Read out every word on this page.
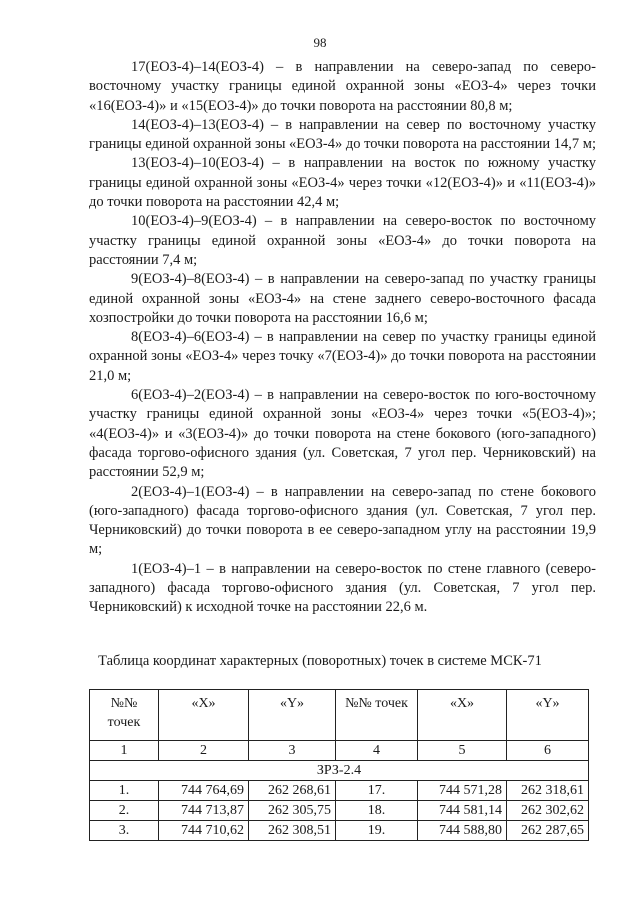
98

17(ЕОЗ-4)–14(ЕОЗ-4) – в направлении на северо-запад по северо-восточному участку границы единой охранной зоны «ЕОЗ-4» через точки «16(ЕОЗ-4)» и «15(ЕОЗ-4)» до точки поворота на расстоянии 80,8 м;

14(ЕОЗ-4)–13(ЕОЗ-4) – в направлении на север по восточному участку границы единой охранной зоны «ЕОЗ-4» до точки поворота на расстоянии 14,7 м;

13(ЕОЗ-4)–10(ЕОЗ-4) – в направлении на восток по южному участку границы единой охранной зоны «ЕОЗ-4» через точки «12(ЕОЗ-4)» и «11(ЕОЗ-4)» до точки поворота на расстоянии 42,4 м;

10(ЕОЗ-4)–9(ЕОЗ-4) – в направлении на северо-восток по восточному участку границы единой охранной зоны «ЕОЗ-4» до точки поворота на расстоянии 7,4 м;

9(ЕОЗ-4)–8(ЕОЗ-4) – в направлении на северо-запад по участку границы единой охранной зоны «ЕОЗ-4» на стене заднего северо-восточного фасада хозпостройки до точки поворота на расстоянии 16,6 м;

8(ЕОЗ-4)–6(ЕОЗ-4) – в направлении на север по участку границы единой охранной зоны «ЕОЗ-4» через точку «7(ЕОЗ-4)» до точки поворота на расстоянии 21,0 м;

6(ЕОЗ-4)–2(ЕОЗ-4) – в направлении на северо-восток по юго-восточному участку границы единой охранной зоны «ЕОЗ-4» через точки «5(ЕОЗ-4)»; «4(ЕОЗ-4)» и «3(ЕОЗ-4)» до точки поворота на стене бокового (юго-западного) фасада торгово-офисного здания (ул. Советская, 7 угол пер. Черниковский) на расстоянии 52,9 м;

2(ЕОЗ-4)–1(ЕОЗ-4) – в направлении на северо-запад по стене бокового (юго-западного) фасада торгово-офисного здания (ул. Советская, 7 угол пер. Черниковский) до точки поворота в ее северо-западном углу на расстоянии 19,9 м;

1(ЕОЗ-4)–1 – в направлении на северо-восток по стене главного (северо-западного) фасада торгово-офисного здания (ул. Советская, 7 угол пер. Черниковский) к исходной точке на расстоянии 22,6 м.

Таблица координат характерных (поворотных) точек в системе МСК-71
№№ точек	«X»	«Y»	№№ точек	«X»	«Y»
1	2	3	4	5	6
ЗРЗ-2.4					
1.	744 764,69	262 268,61	17.	744 571,28	262 318,61
2.	744 713,87	262 305,75	18.	744 581,14	262 302,62
3.	744 710,62	262 308,51	19.	744 588,80	262 287,65
